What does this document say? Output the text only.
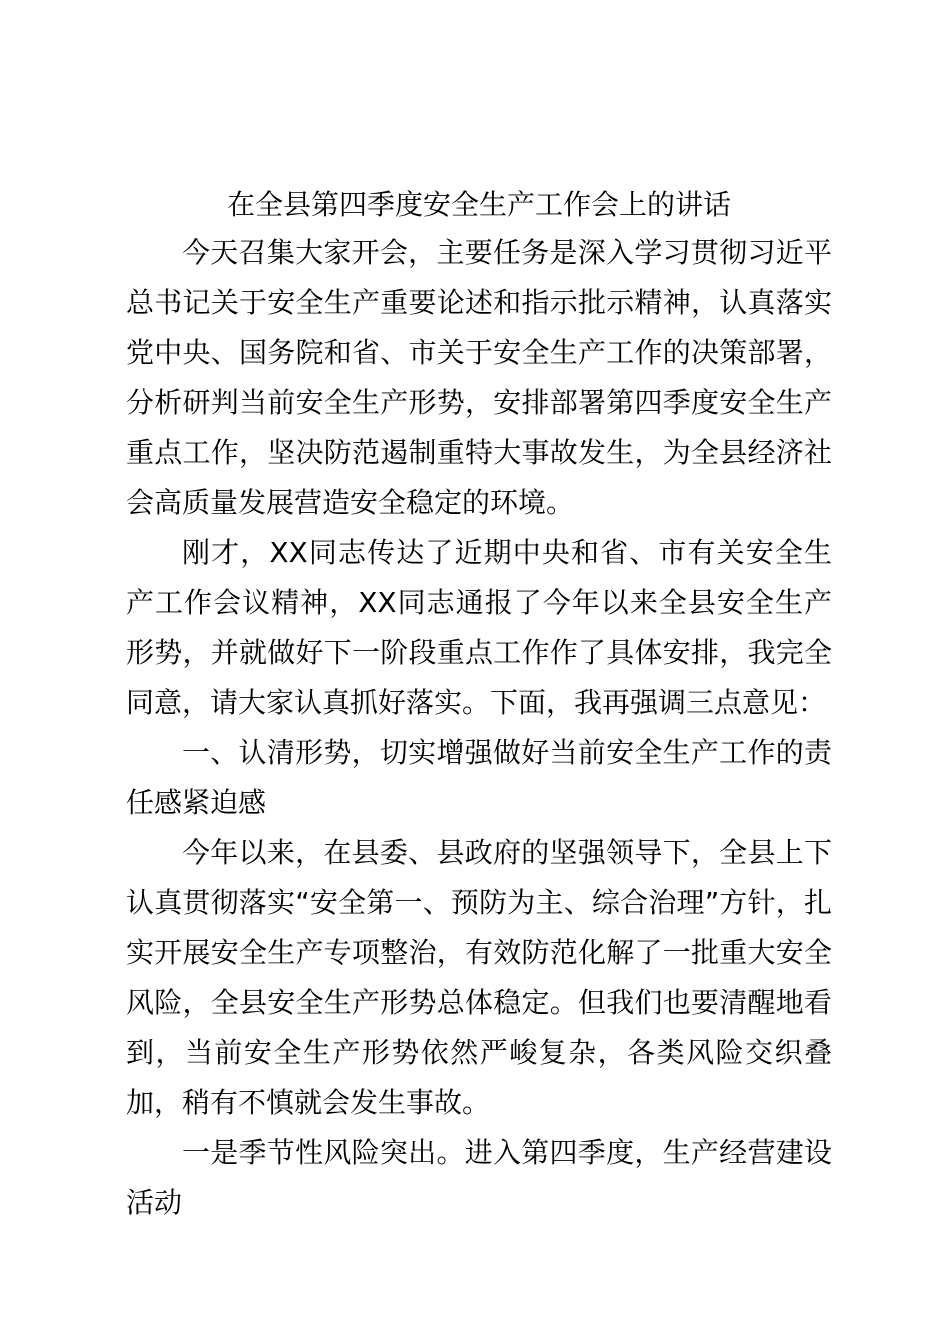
在全县第四季度安全生产工作会上的讲话

今天召集大家开会，主要任务是深入学习贯彻习近平总书记关于安全生产重要论述和指示批示精神，认真落实党中央、国务院和省、市关于安全生产工作的决策部署，分析研判当前安全生产形势，安排部署第四季度安全生产重点工作，坚决防范遏制重特大事故发生，为全县经济社会高质量发展营造安全稳定的环境。

刚才，XX同志传达了近期中央和省、市有关安全生产工作会议精神，XX同志通报了今年以来全县安全生产形势，并就做好下一阶段重点工作作了具体安排，我完全同意，请大家认真抓好落实。下面，我再强调三点意见：

一、认清形势，切实增强做好当前安全生产工作的责任感紧迫感

今年以来，在县委、县政府的坚强领导下，全县上下认真贯彻落实“安全第一、预防为主、综合治理”方针，扎实开展安全生产专项整治，有效防范化解了一批重大安全风险，全县安全生产形势总体稳定。但我们也要清醒地看到，当前安全生产形势依然严峻复杂，各类风险交织叠加，稍有不慎就会发生事故。

一是季节性风险突出。进入第四季度，生产经营建设活动
